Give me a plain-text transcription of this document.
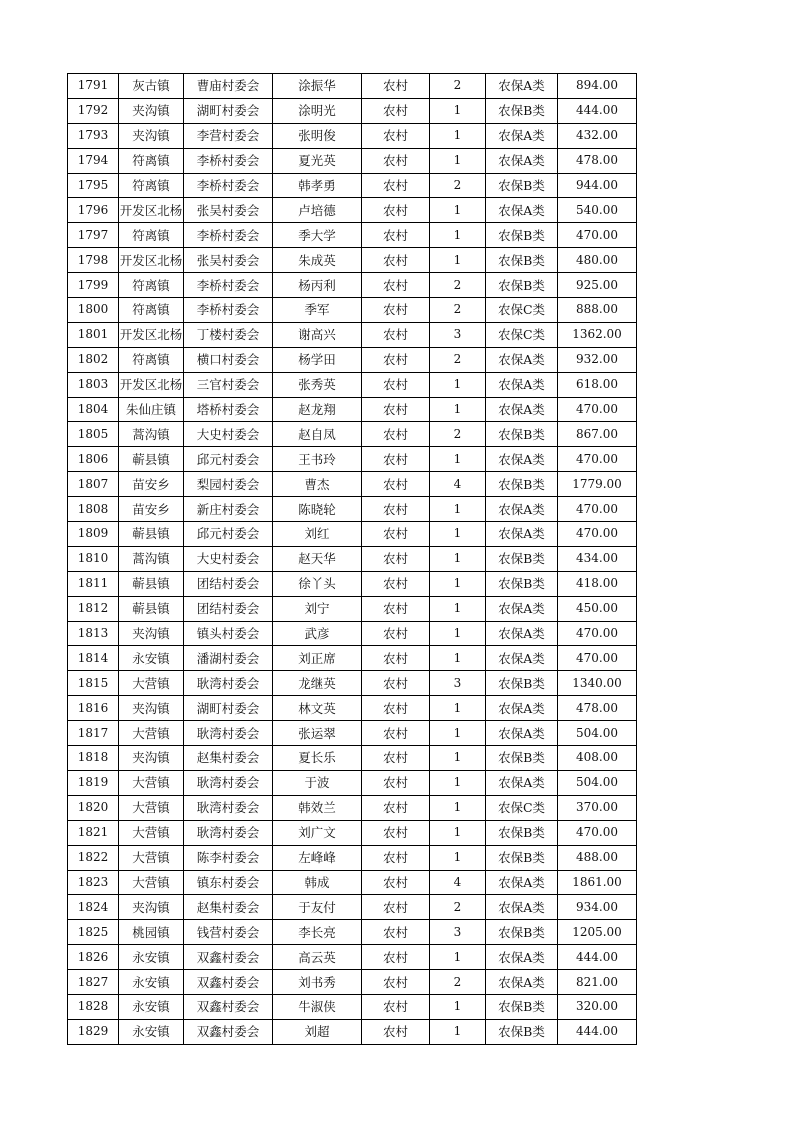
1791	灰古镇	曹庙村委会	涂振华	农村	2	农保A类	894.00
1792	夹沟镇	湖町村委会	涂明光	农村	1	农保B类	444.00
1793	夹沟镇	李营村委会	张明俊	农村	1	农保A类	432.00
1794	符离镇	李桥村委会	夏光英	农村	1	农保A类	478.00
1795	符离镇	李桥村委会	韩孝勇	农村	2	农保B类	944.00
1796	开发区北杨	张吴村委会	卢培德	农村	1	农保A类	540.00
1797	符离镇	李桥村委会	季大学	农村	1	农保B类	470.00
1798	开发区北杨	张吴村委会	朱成英	农村	1	农保B类	480.00
1799	符离镇	李桥村委会	杨丙利	农村	2	农保B类	925.00
1800	符离镇	李桥村委会	季军	农村	2	农保C类	888.00
1801	开发区北杨	丁楼村委会	谢高兴	农村	3	农保C类	1362.00
1802	符离镇	横口村委会	杨学田	农村	2	农保A类	932.00
1803	开发区北杨	三官村委会	张秀英	农村	1	农保A类	618.00
1804	朱仙庄镇	塔桥村委会	赵龙翔	农村	1	农保A类	470.00
1805	蒿沟镇	大史村委会	赵自凤	农村	2	农保B类	867.00
1806	蕲县镇	邱元村委会	王书玲	农村	1	农保A类	470.00
1807	苗安乡	梨园村委会	曹杰	农村	4	农保B类	1779.00
1808	苗安乡	新庄村委会	陈晓轮	农村	1	农保A类	470.00
1809	蕲县镇	邱元村委会	刘红	农村	1	农保A类	470.00
1810	蒿沟镇	大史村委会	赵天华	农村	1	农保B类	434.00
1811	蕲县镇	团结村委会	徐丫头	农村	1	农保B类	418.00
1812	蕲县镇	团结村委会	刘宁	农村	1	农保A类	450.00
1813	夹沟镇	镇头村委会	武彦	农村	1	农保A类	470.00
1814	永安镇	潘湖村委会	刘正席	农村	1	农保A类	470.00
1815	大营镇	耿湾村委会	龙继英	农村	3	农保B类	1340.00
1816	夹沟镇	湖町村委会	林文英	农村	1	农保A类	478.00
1817	大营镇	耿湾村委会	张运翠	农村	1	农保A类	504.00
1818	夹沟镇	赵集村委会	夏长乐	农村	1	农保B类	408.00
1819	大营镇	耿湾村委会	于波	农村	1	农保A类	504.00
1820	大营镇	耿湾村委会	韩效兰	农村	1	农保C类	370.00
1821	大营镇	耿湾村委会	刘广文	农村	1	农保B类	470.00
1822	大营镇	陈李村委会	左峰峰	农村	1	农保B类	488.00
1823	大营镇	镇东村委会	韩成	农村	4	农保A类	1861.00
1824	夹沟镇	赵集村委会	于友付	农村	2	农保A类	934.00
1825	桃园镇	钱营村委会	李长亮	农村	3	农保B类	1205.00
1826	永安镇	双鑫村委会	高云英	农村	1	农保A类	444.00
1827	永安镇	双鑫村委会	刘书秀	农村	2	农保A类	821.00
1828	永安镇	双鑫村委会	牛淑侠	农村	1	农保B类	320.00
1829	永安镇	双鑫村委会	刘超	农村	1	农保B类	444.00
